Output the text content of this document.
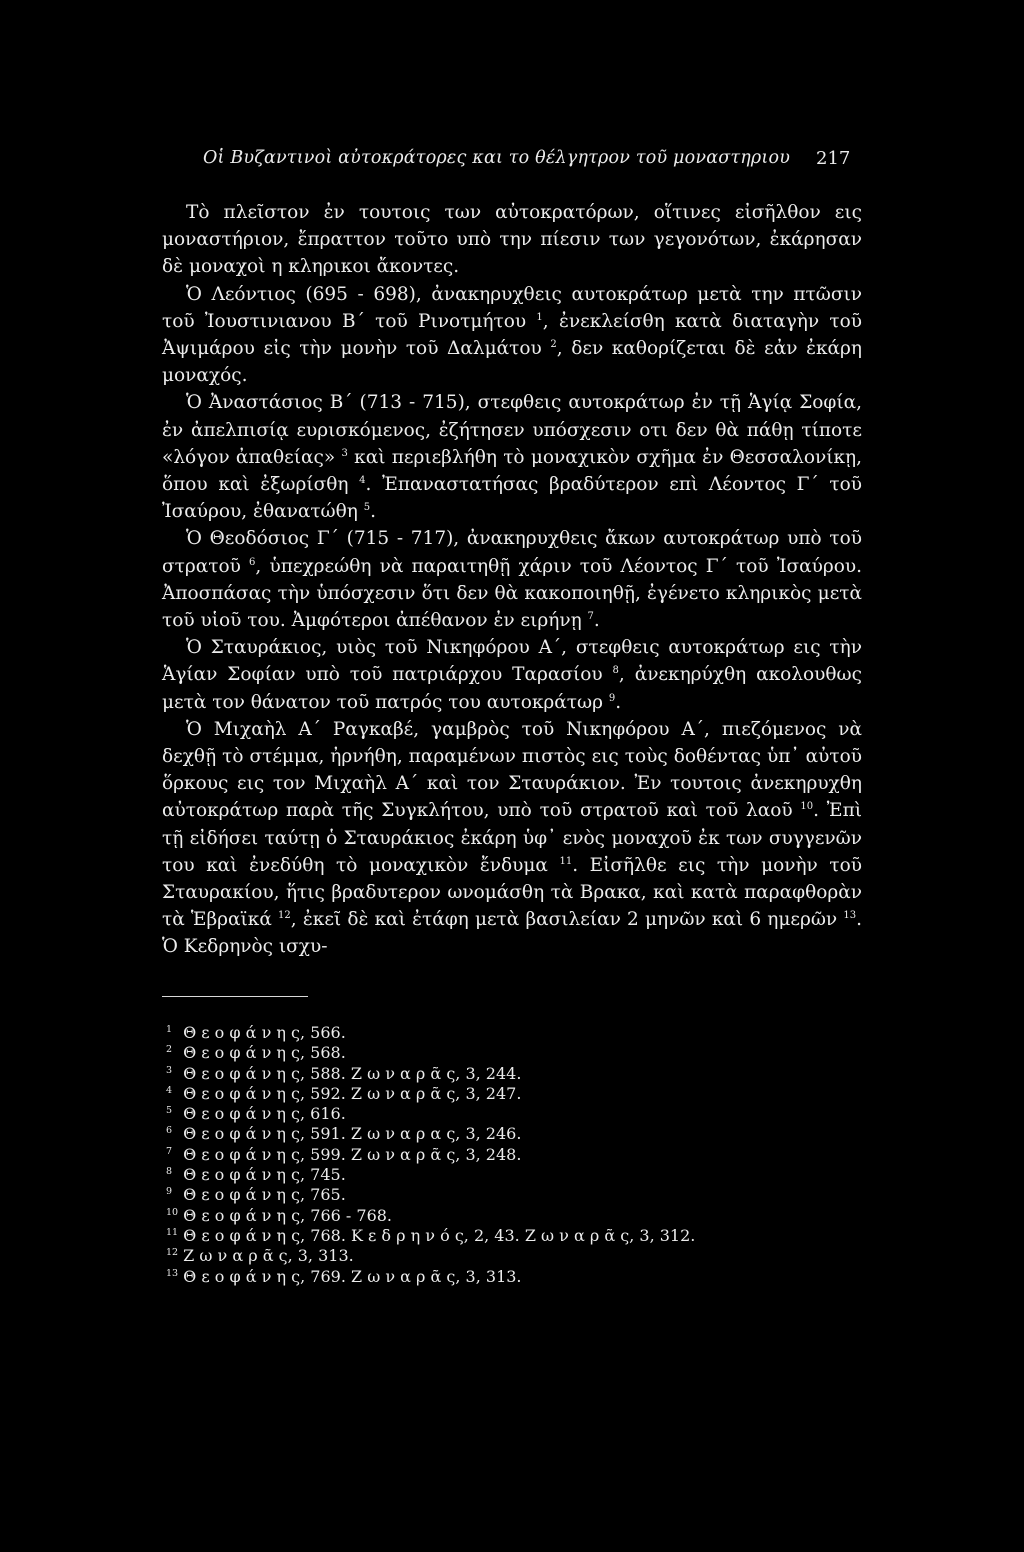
Οἱ Βυζαντινοὶ αὐτοκράτορες και το θέλγητρον τοῦ μοναστηριου	217

Τὸ πλεῖστον ἐν τουτοις των αὐτοκρατόρων, οἵτινες εἰσῆλθον εις μοναστήριον, ἔπραττον τοῦτο υπὸ την πίεσιν των γεγονότων, ἐκάρησαν δὲ μοναχοὶ η κληρικοι ἄκοντες.

Ὁ Λεόντιος (695 - 698), ἀνακηρυχθεις αυτοκράτωρ μετὰ την πτῶσιν τοῦ Ἰουστινιανου Β΄ τοῦ Ρινοτμήτου $^1$, ἐνεκλείσθη κατὰ διαταγὴν τοῦ Ἀψιμάρου εἰς τὴν μονὴν τοῦ Δαλμάτου $^2$, δεν καθορίζεται δὲ εἀν ἐκάρη μοναχός.

Ὁ Ἀναστάσιος Β΄ (713 - 715), στεφθεις αυτοκράτωρ ἐν τῇ Ἁγίᾳ Σοφία, ἐν ἀπελπισίᾳ ευρισκόμενος, ἐζήτησεν υπόσχεσιν οτι δεν θὰ πάθῃ τίποτε «λόγον ἀπαθείας» $^3$ καὶ περιεβλήθη τὸ μοναχικὸν σχῆμα ἐν Θεσσαλονίκῃ, ὅπου καὶ ἐξωρίσθη $^4$. Ἐπαναστατήσας βραδύτερον επὶ Λέοντος Γ΄ τοῦ Ἰσαύρου, ἐθανατώθη $^5$.

Ὁ Θεοδόσιος Γ΄ (715 - 717), ἀνακηρυχθεις ἄκων αυτοκράτωρ υπὸ τοῦ στρατοῦ $^6$, ὑπεχρεώθη νὰ παραιτηθῇ χάριν τοῦ Λέοντος Γ΄ τοῦ Ἰσαύρου. Ἀποσπάσας τὴν ὑπόσχεσιν ὅτι δεν θὰ κακοποιηθῇ, ἐγένετο κληρικὸς μετὰ τοῦ υἱοῦ του. Ἀμφότεροι ἀπέθανον ἐν ειρήνῃ $^7$.

Ὁ Σταυράκιος, υιὸς τοῦ Νικηφόρου Α΄, στεφθεις αυτοκράτωρ εις τὴν Ἁγίαν Σοφίαν υπὸ τοῦ πατριάρχου Ταρασίου $^8$, ἀνεκηρύχθη ακολουθως μετὰ τον θάνατον τοῦ πατρός του αυτοκράτωρ $^9$.

Ὁ Μιχαὴλ Α΄ Ραγκαβέ, γαμβρὸς τοῦ Νικηφόρου Α΄, πιεζόμενος νὰ δεχθῇ τὸ στέμμα, ἠρνήθη, παραμένων πιστὸς εις τοὺς δοθέντας ὑπ᾽ αὐτοῦ ὅρκους εις τον Μιχαὴλ Α΄ καὶ τον Σταυράκιον. Ἐν τουτοις ἀνεκηρυχθη αὐτοκράτωρ παρὰ τῆς Συγκλήτου, υπὸ τοῦ στρατοῦ καὶ τοῦ λαοῦ $^{10}$. Ἐπὶ τῇ εἰδήσει ταύτῃ ὁ Σταυράκιος ἐκάρη ὑφ᾽ ενὸς μοναχοῦ ἐκ των συγγενῶν του καὶ ἐνεδύθη τὸ μοναχικὸν ἔνδυμα $^{11}$. Εἰσῆλθε εις τὴν μονὴν τοῦ Σταυρακίου, ἥτις βραδυτερον ωνομάσθη τὰ Βρακα, καὶ κατὰ παραφθορὰν τὰ Ἑβραϊκά $^{12}$, ἐκεῖ δὲ καὶ ἐτάφη μετὰ βασιλείαν 2 μηνῶν καὶ 6 ημερῶν $^{13}$. Ὁ Κεδρηνὸς ισχυ-

1 Θ ε ο φ ά ν η ς, 566.
2 Θ ε ο φ ά ν η ς, 568.
3 Θ ε ο φ ά ν η ς, 588. Ζ ω ν α ρ ᾶ ς, 3, 244.
4 Θ ε ο φ ά ν η ς, 592. Ζ ω ν α ρ ᾶ ς, 3, 247.
5 Θ ε ο φ ά ν η ς, 616.
6 Θ ε ο φ ά ν η ς, 591. Ζ ω ν α ρ α ς, 3, 246.
7 Θ ε ο φ ά ν η ς, 599. Ζ ω ν α ρ ᾶ ς, 3, 248.
8 Θ ε ο φ ά ν η ς, 745.
9 Θ ε ο φ ά ν η ς, 765.
10 Θ ε ο φ ά ν η ς, 766 - 768.
11 Θ ε ο φ ά ν η ς, 768. Κ ε δ ρ η ν ό ς, 2, 43. Ζ ω ν α ρ ᾶ ς, 3, 312.
12 Ζ ω ν α ρ ᾶ ς, 3, 313.
13 Θ ε ο φ ά ν η ς, 769. Ζ ω ν α ρ ᾶ ς, 3, 313.
